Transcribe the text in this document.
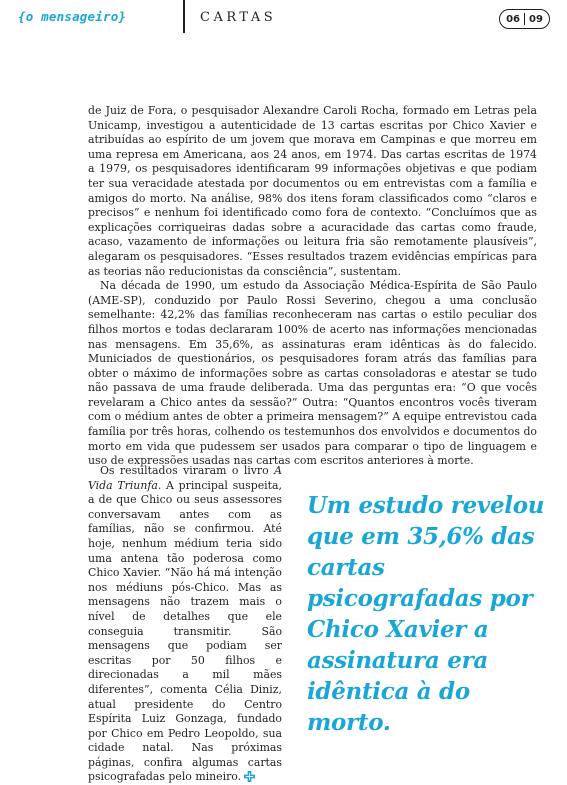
{o mensageiro}	CARTAS	06 09

de Juiz de Fora, o pesquisador Alexandre Caroli Rocha, formado em Letras pela Unicamp, investigou a autenticidade de 13 cartas escritas por Chico Xavier e atribuídas ao espírito de um jovem que morava em Campinas e que morreu em uma represa em Americana, aos 24 anos, em 1974. Das cartas escritas de 1974 a 1979, os pesquisadores identificaram 99 informações objetivas e que podiam ter sua veracidade atestada por documentos ou em entrevistas com a família e amigos do morto. Na análise, 98% dos itens foram classificados como “claros e precisos” e nenhum foi identificado como fora de contexto. “Concluímos que as explicações corriqueiras dadas sobre a acuracidade das cartas como fraude, acaso, vazamento de informações ou leitura fria são remotamente plausíveis”, alegaram os pesquisadores. “Esses resultados trazem evidências empíricas para as teorias não reducionistas da consciência”, sustentam.

Na década de 1990, um estudo da Associação Médica-Espírita de São Paulo (AME-SP), conduzido por Paulo Rossi Severino, chegou a uma conclusão semelhante: 42,2% das famílias reconheceram nas cartas o estilo peculiar dos filhos mortos e todas declararam 100% de acerto nas informações mencionadas nas mensagens. Em 35,6%, as assinaturas eram idênticas às do falecido. Municiados de questionários, os pesquisadores foram atrás das famílias para obter o máximo de informações sobre as cartas consoladoras e atestar se tudo não passava de uma fraude deliberada. Uma das perguntas era: “O que vocês revelaram a Chico antes da sessão?” Outra: “Quantos encontros vocês tiveram com o médium antes de obter a primeira mensagem?” A equipe entrevistou cada família por três horas, colhendo os testemunhos dos envolvidos e documentos do morto em vida que pudessem ser usados para comparar o tipo de linguagem e uso de expressões usadas nas cartas com escritos anteriores à morte.

Os resultados viraram o livro A Vida Triunfa. A principal suspeita, a de que Chico ou seus assessores conversavam antes com as famílias, não se confirmou. Até hoje, nenhum médium teria sido uma antena tão poderosa como Chico Xavier. “Não há má intenção nos médiuns pós-Chico. Mas as mensagens não trazem mais o nível de detalhes que ele conseguia transmitir. São mensagens que podiam ser escritas por 50 filhos e direcionadas a mil mães diferentes”, comenta Célia Diniz, atual presidente do Centro Espírita Luiz Gonzaga, fundado por Chico em Pedro Leopoldo, sua cidade natal. Nas próximas páginas, confira algumas cartas psicografadas pelo mineiro.

Um estudo revelou que em 35,6% das cartas psicografadas por Chico Xavier a assinatura era idêntica à do morto.
